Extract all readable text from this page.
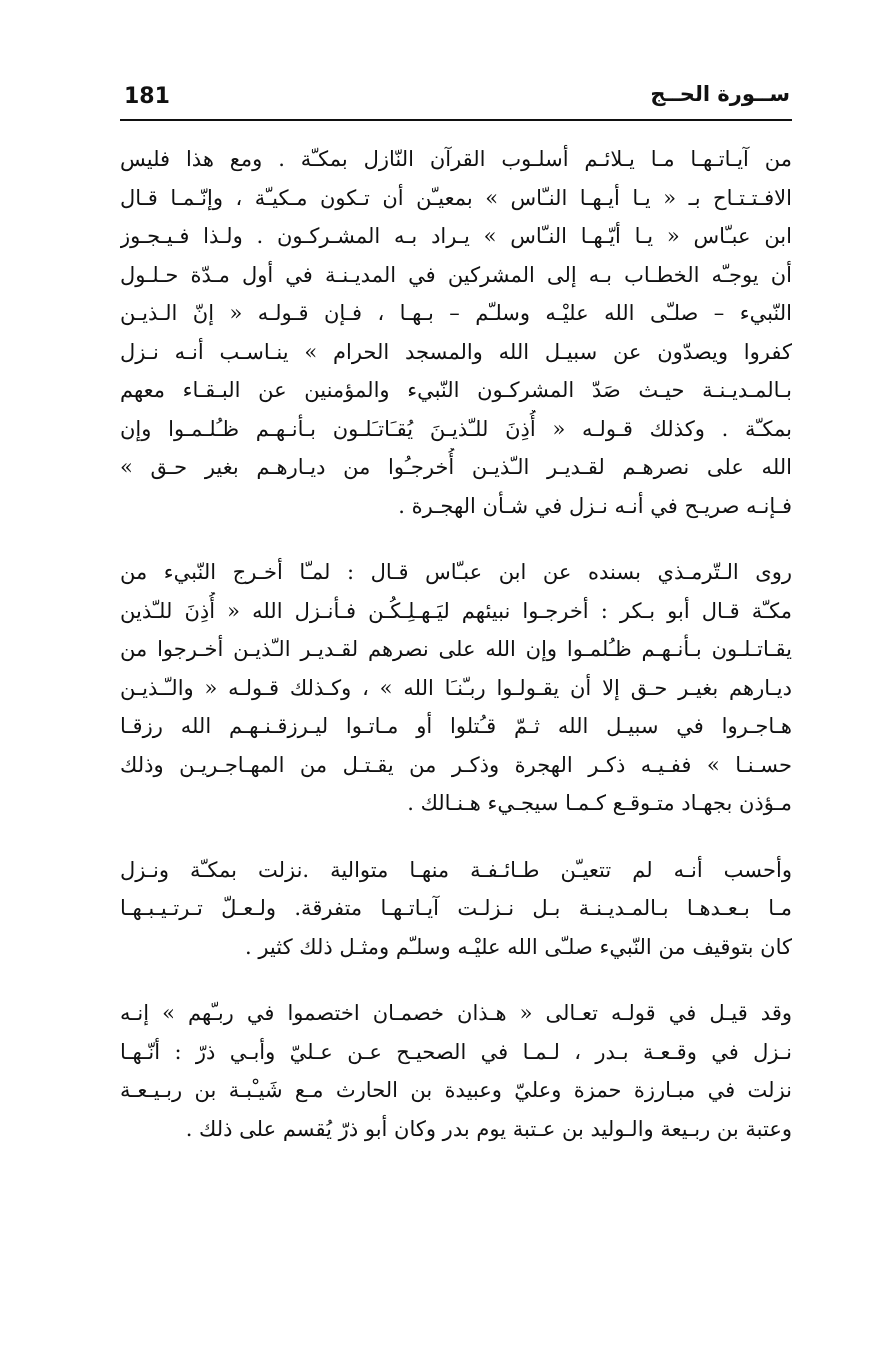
181	ســورة الحــج
من آيـاتـهـا مـا يـلائـم أسلـوب القرآن النّازل بمكـّة . ومع هذا فليس
الافـتـتـاح بـ « يـا أيـهـا النـّاس » بمعيـّن أن تـكون مـكيـّة ، وإنّـمـا قـال
ابن عبـّاس « يـا أيّـهـا النـّاس » يـراد بـه المشـركـون . ولـذا فـيـجـوز
أن يوجـّه الخطـاب بـه إلى المشركين في المديـنـة في أول مـدّة حـلـول
النّبيء – صلـّى الله عليْـه وسلـّم – بـهـا ، فـإن قـولـه « إنّ الـذيـن
كفروا ويصدّون عن سبيـل الله والمسجد الحرام » ينـاسـب أنـه نـزل
بـالمـديـنـة حيـث صَدّ المشركـون النّبيء والمؤمنين عن البـقـاء معهم
بمكـّة . وكذلك قـولـه « أُذِنَ للـّذيـنَ يُقـَاتـَلـون بـأنـهـم ظـُلـمـوا وإن
الله على نصرهـم لقـديـر الـّذيـن أُخرجـُوا من ديـارهـم بغير حـق »
فـإنـه صريـح في أنـه نـزل في شـأن الهجـرة .
روى الـتّرمـذي بسنده عن ابن عبـّاس قـال : لمـّا أخـرج النّبيء من
مكـّة قـال أبو بـكر : أخرجـوا نبيئهم ليَـهـلِـكُـن فـأنـزل الله « أُذِنَ للـّذين
يقـاتـلـون بـأنـهـم ظـُلمـوا وإن الله على نصرهم لقـديـر الـّذيـن أخـرجوا من
ديـارهم بغيـر حـق إلا أن يقـولـوا ربـّنـَا الله » ، وكـذلك قـولـه « والـّـذيـن
هـاجـروا في سبيـل الله ثـمّ قـُتلوا أو مـاتـوا ليـرزقـنـهـم الله رزقـا
حسـنـا » ففـيـه ذكـر الهجرة وذكـر من يقـتـل من المهـاجـريـن وذلك
مـؤذن بجهـاد متـوقـع كـمـا سيجـيء هـنـالك .
وأحسب أنـه لم تتعيـّن طـائـفـة منهـا متوالية .نزلت بمكـّة ونـزل
مـا بـعـدهـا بـالمـديـنـة بـل نـزلـت آيـاتـهـا متفرقة. ولـعـلّ تـرتـيـبـهـا
كان بتوقيف من النّبيء صلـّى الله عليْـه وسلـّم ومثـل ذلك كثير .
وقد قيـل في قولـه تعـالى « هـذان خصمـان اختصموا في ربـّهم » إنـه
نـزل في وقـعـة بـدر ، لـمـا في الصحيـح عـن عـليّ وأبـي ذرّ : أنّـهـا
نزلت في مبـارزة حمزة وعليّ وعبيدة بن الحارث مـع شَيـْبـة بن ربـيـعـة
وعتبة بن ربـيعة والـوليد بن عـتبة يوم بدر وكان أبو ذرّ يُقسم على ذلك .
